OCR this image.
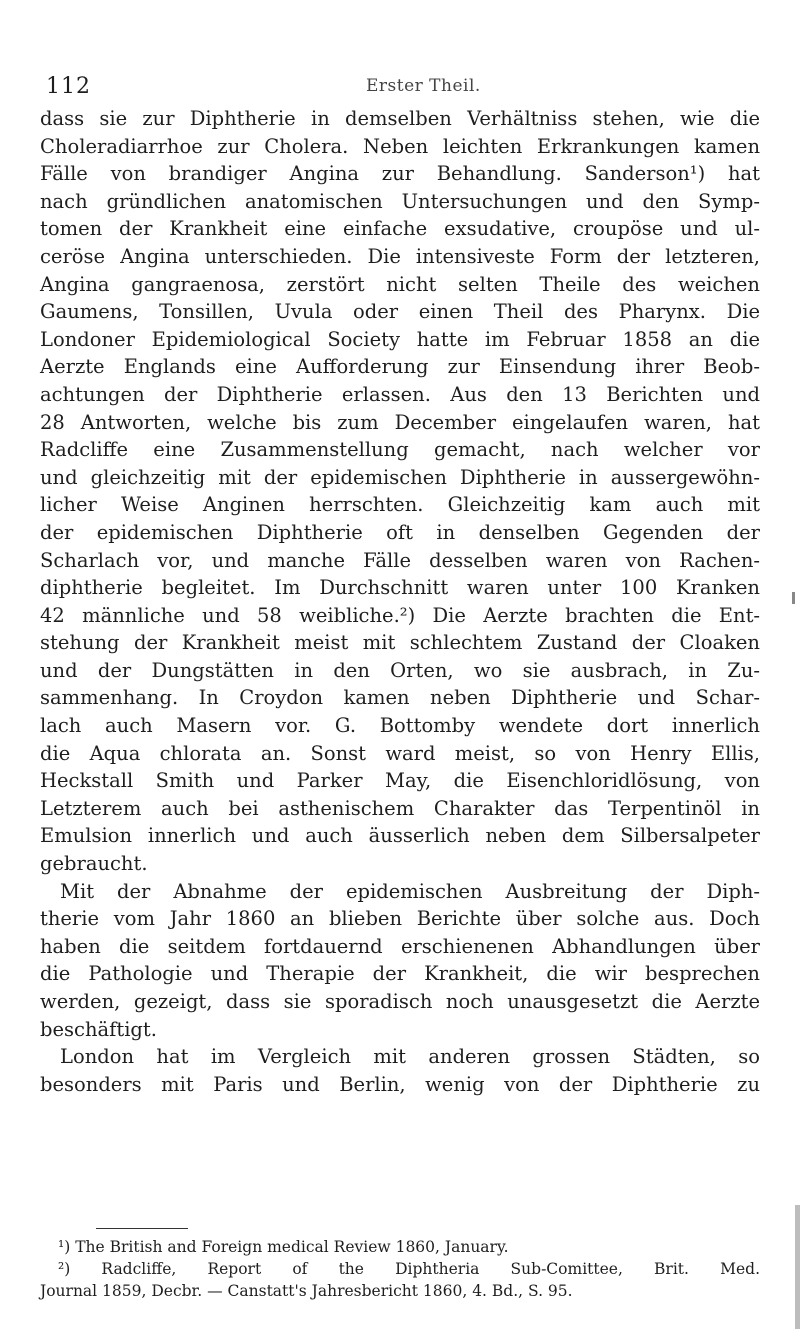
112	Erster Theil.
dass sie zur Diphtherie in demselben Verhältniss stehen, wie die
Choleradiarrhoe zur Cholera. Neben leichten Erkrankungen kamen
Fälle von brandiger Angina zur Behandlung. Sanderson¹) hat
nach gründlichen anatomischen Untersuchungen und den Symp-
tomen der Krankheit eine einfache exsudative, croupöse und ul-
ceröse Angina unterschieden. Die intensiveste Form der letzteren,
Angina gangraenosa, zerstört nicht selten Theile des weichen
Gaumens, Tonsillen, Uvula oder einen Theil des Pharynx. Die
Londoner Epidemiological Society hatte im Februar 1858 an die
Aerzte Englands eine Aufforderung zur Einsendung ihrer Beob-
achtungen der Diphtherie erlassen. Aus den 13 Berichten und
28 Antworten, welche bis zum December eingelaufen waren, hat
Radcliffe eine Zusammenstellung gemacht, nach welcher vor
und gleichzeitig mit der epidemischen Diphtherie in aussergewöhn-
licher Weise Anginen herrschten. Gleichzeitig kam auch mit
der epidemischen Diphtherie oft in denselben Gegenden der
Scharlach vor, und manche Fälle desselben waren von Rachen-
diphtherie begleitet. Im Durchschnitt waren unter 100 Kranken
42 männliche und 58 weibliche.²) Die Aerzte brachten die Ent-
stehung der Krankheit meist mit schlechtem Zustand der Cloaken
und der Dungstätten in den Orten, wo sie ausbrach, in Zu-
sammenhang. In Croydon kamen neben Diphtherie und Schar-
lach auch Masern vor. G. Bottomby wendete dort innerlich
die Aqua chlorata an. Sonst ward meist, so von Henry Ellis,
Heckstall Smith und Parker May, die Eisenchloridlösung, von
Letzterem auch bei asthenischem Charakter das Terpentinöl in
Emulsion innerlich und auch äusserlich neben dem Silbersalpeter
gebraucht.
Mit der Abnahme der epidemischen Ausbreitung der Diph-
therie vom Jahr 1860 an blieben Berichte über solche aus. Doch
haben die seitdem fortdauernd erschienenen Abhandlungen über
die Pathologie und Therapie der Krankheit, die wir besprechen
werden, gezeigt, dass sie sporadisch noch unausgesetzt die Aerzte
beschäftigt.
London hat im Vergleich mit anderen grossen Städten, so
besonders mit Paris und Berlin, wenig von der Diphtherie zu
¹) The British and Foreign medical Review 1860, January.
²) Radcliffe, Report of the Diphtheria Sub-Comittee, Brit. Med.
Journal 1859, Decbr. — Canstatt's Jahresbericht 1860, 4. Bd., S. 95.
